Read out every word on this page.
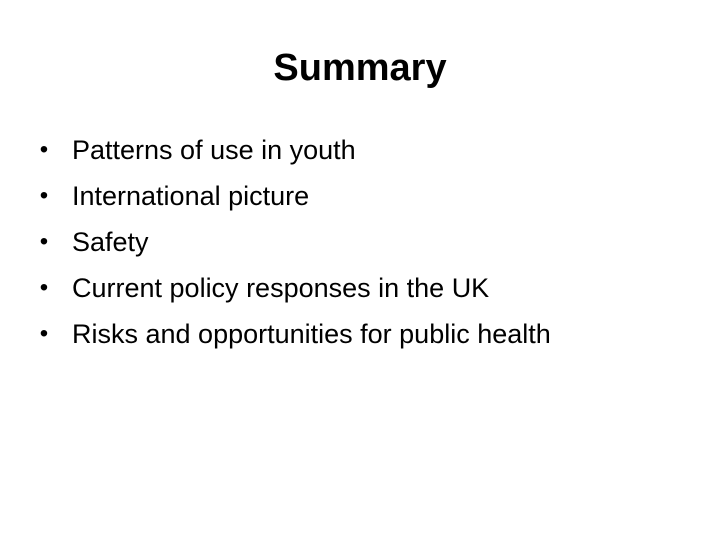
Summary
• Patterns of use in youth
• International picture
• Safety
• Current policy responses in the UK
• Risks and opportunities for public health
